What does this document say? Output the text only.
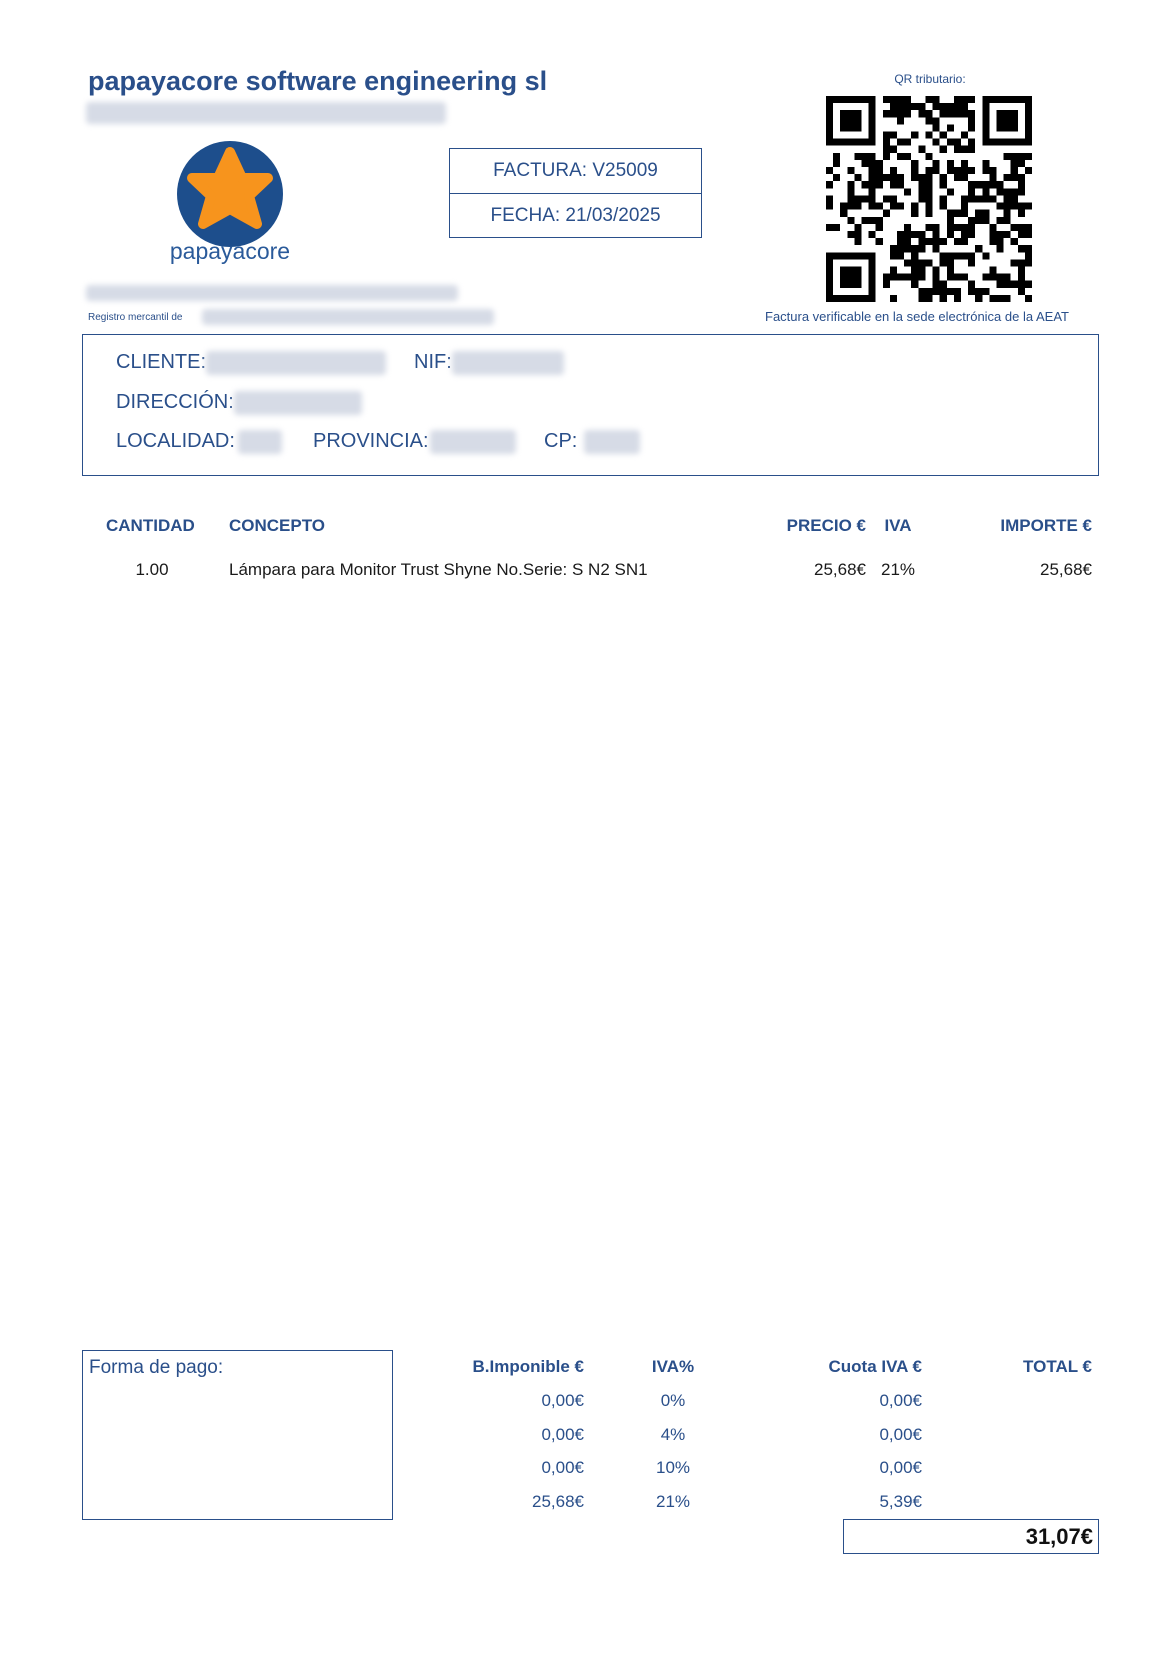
papayacore software engineering sl
papayacore
FACTURA: V25009
FECHA: 21/03/2025
QR tributario:
Registro mercantil de	Factura verificable en la sede electrónica de la AEAT
CLIENTE:	NIF:
DIRECCIÓN:
LOCALIDAD:	PROVINCIA:	CP:
CANTIDAD CONCEPTO	PRECIO €	IVA	IMPORTE €
1.00	Lámpara para Monitor Trust Shyne No.Serie: S N2 SN1	25,68€ 21%	25,68€
Forma de pago:	B.Imponible €	IVA%	Cuota IVA €	TOTAL €
0,00€	0%	0,00€
0,00€	4%	0,00€
0,00€	10%	0,00€
25,68€	21%	5,39€
31,07€
